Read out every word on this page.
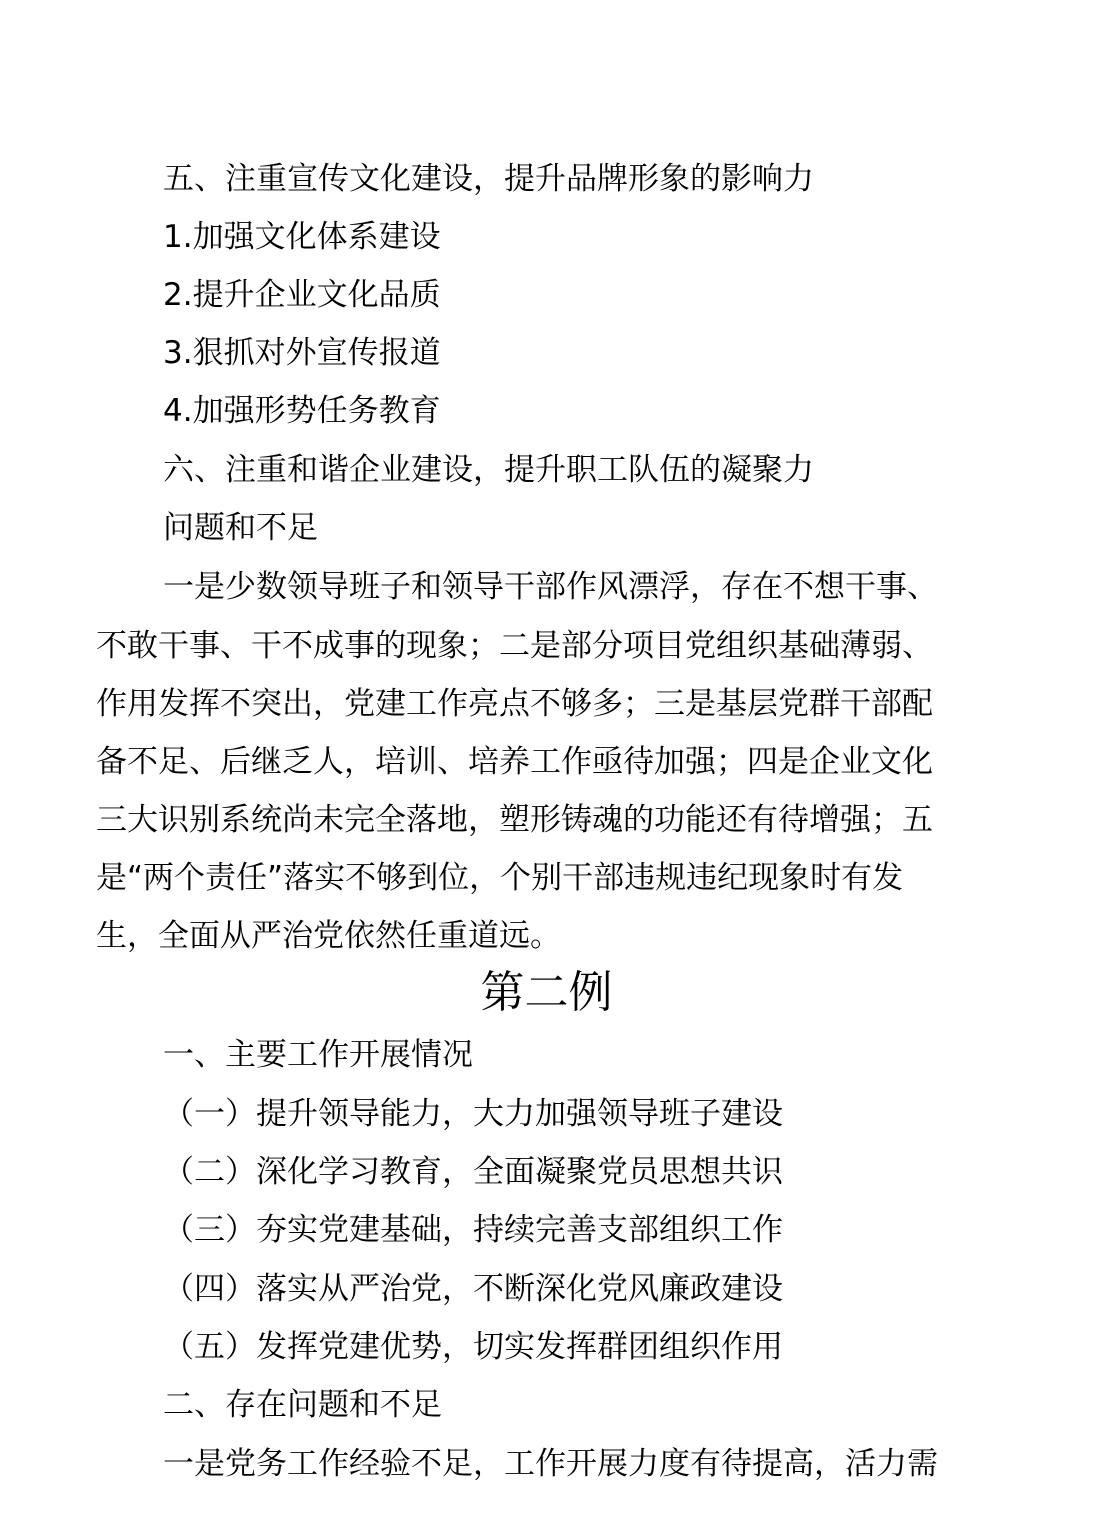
五、注重宣传文化建设，提升品牌形象的影响力
1.加强文化体系建设
2.提升企业文化品质
3.狠抓对外宣传报道
4.加强形势任务教育
六、注重和谐企业建设，提升职工队伍的凝聚力
问题和不足
一是少数领导班子和领导干部作风漂浮，存在不想干事、
不敢干事、干不成事的现象；二是部分项目党组织基础薄弱、
作用发挥不突出，党建工作亮点不够多；三是基层党群干部配
备不足、后继乏人，培训、培养工作亟待加强；四是企业文化
三大识别系统尚未完全落地，塑形铸魂的功能还有待增强；五
是“两个责任”落实不够到位，个别干部违规违纪现象时有发
生，全面从严治党依然任重道远。
第二例
一、主要工作开展情况
（一）提升领导能力，大力加强领导班子建设
（二）深化学习教育，全面凝聚党员思想共识
（三）夯实党建基础，持续完善支部组织工作
（四）落实从严治党，不断深化党风廉政建设
（五）发挥党建优势，切实发挥群团组织作用
二、存在问题和不足
一是党务工作经验不足，工作开展力度有待提高，活力需
